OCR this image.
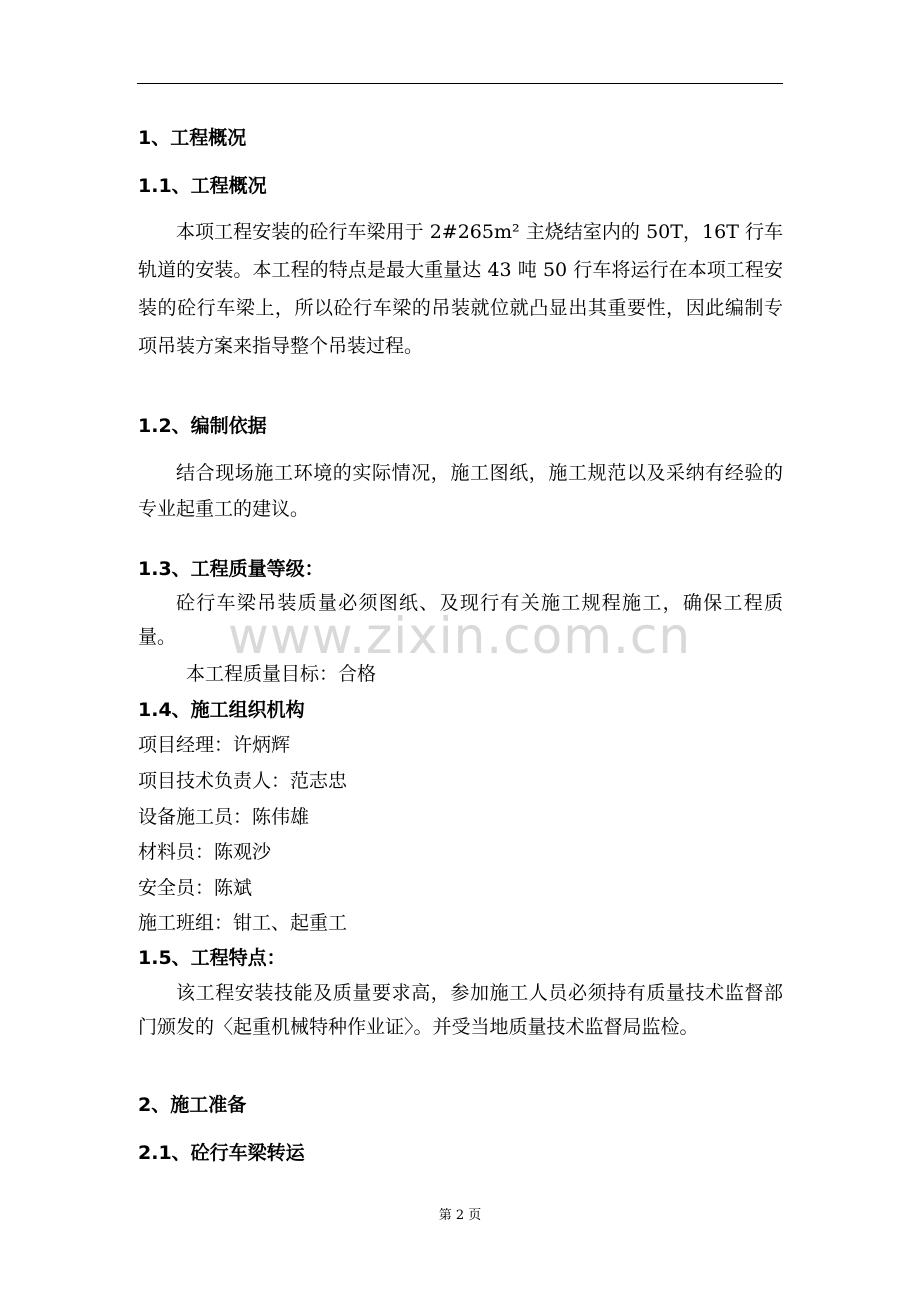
1、工程概况
1.1、工程概况

本项工程安装的砼行车梁用于 2#265m² 主烧结室内的 50T，16T 行车轨道的安装。本工程的特点是最大重量达 43 吨 50 行车将运行在本项工程安装的砼行车梁上，所以砼行车梁的吊装就位就凸显出其重要性，因此编制专项吊装方案来指导整个吊装过程。

1.2、编制依据

结合现场施工环境的实际情况，施工图纸，施工规范以及采纳有经验的专业起重工的建议。

1.3、工程质量等级：

砼行车梁吊装质量必须图纸、及现行有关施工规程施工，确保工程质量。

本工程质量目标：合格
1.4、施工组织机构
项目经理：许炳辉
项目技术负责人：范志忠
设备施工员：陈伟雄
材料员：陈观沙
安全员：陈斌
施工班组：钳工、起重工
1.5、工程特点：

该工程安装技能及质量要求高，参加施工人员必须持有质量技术监督部门颁发的〈起重机械特种作业证〉。并受当地质量技术监督局监检。

2、施工准备
2.1、砼行车梁转运
www.zixin.com.cn
第 2 页
